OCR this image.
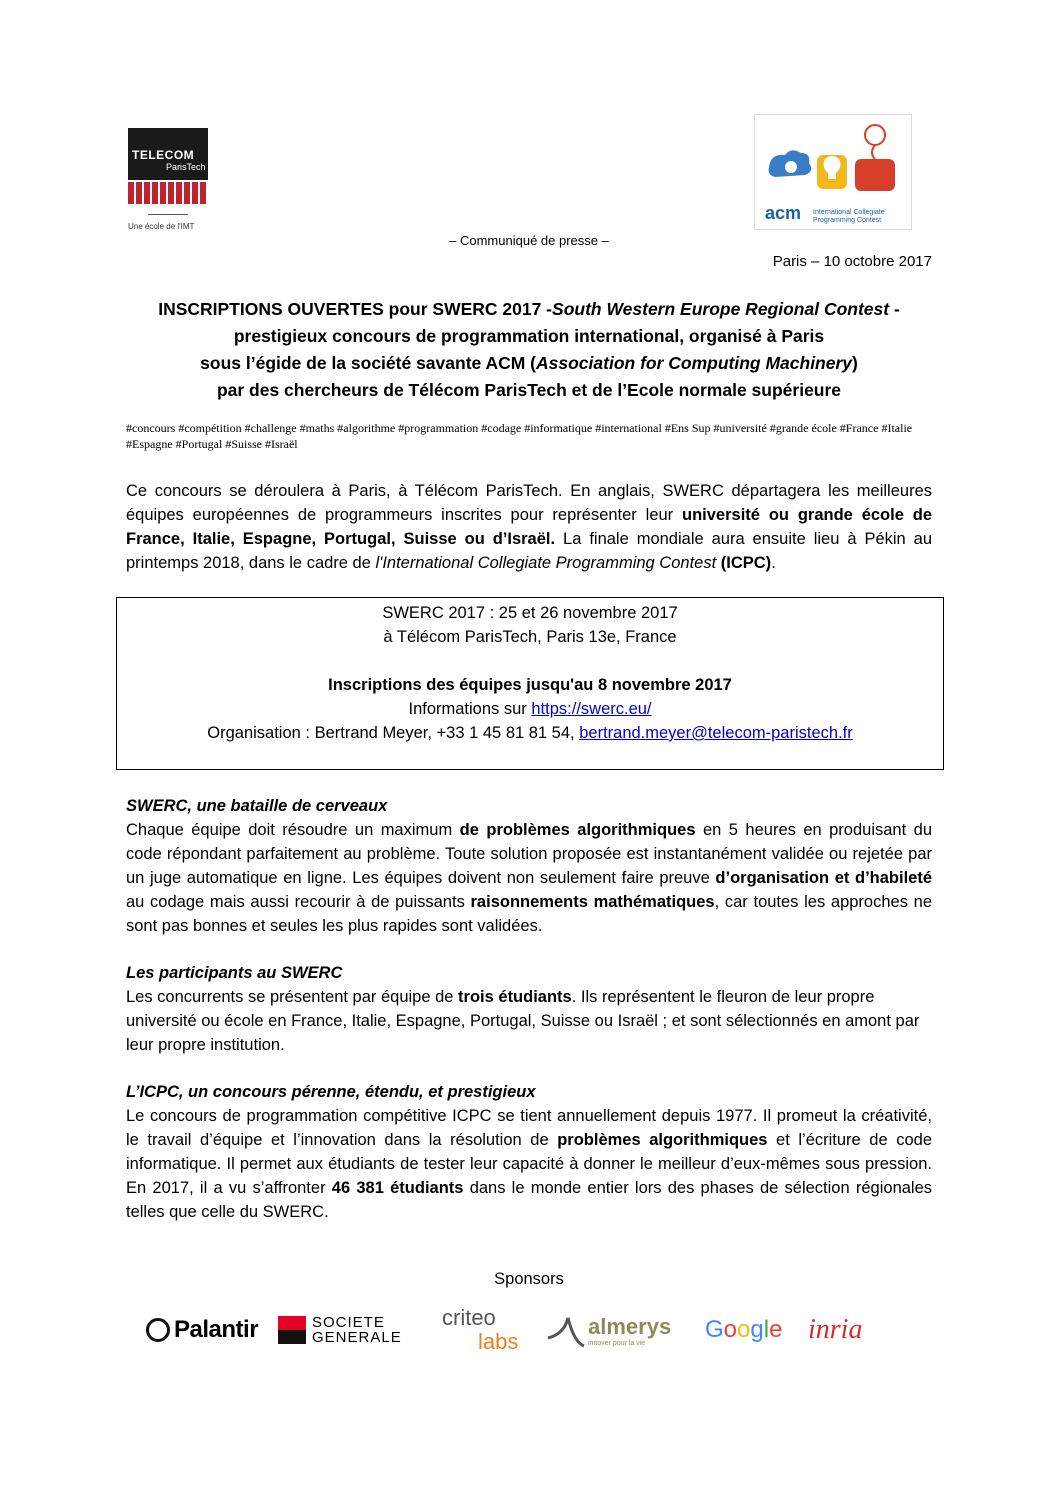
TELECOM
ParisTech
Une école de l'IMT
acm International Collegiate
Programming Contest
– Communiqué de presse –
Paris – 10 octobre 2017
INSCRIPTIONS OUVERTES pour SWERC 2017 -South Western Europe Regional Contest -
prestigieux concours de programmation international, organisé à Paris
sous l’égide de la société savante ACM (Association for Computing Machinery)
par des chercheurs de Télécom ParisTech et de l’Ecole normale supérieure
#concours #compétition #challenge #maths #algorithme #programmation #codage #informatique #international #Ens Sup #université #grande école #France #Italie #Espagne #Portugal #Suisse #Israël
Ce concours se déroulera à Paris, à Télécom ParisTech. En anglais, SWERC départagera les meilleures équipes européennes de programmeurs inscrites pour représenter leur université ou grande école de France, Italie, Espagne, Portugal, Suisse ou d’Israël. La finale mondiale aura ensuite lieu à Pékin au printemps 2018, dans le cadre de l'International Collegiate Programming Contest (ICPC).
SWERC 2017 : 25 et 26 novembre 2017
à Télécom ParisTech, Paris 13e, France
Inscriptions des équipes jusqu'au 8 novembre 2017
Informations sur https://swerc.eu/
Organisation : Bertrand Meyer, +33 1 45 81 81 54, bertrand.meyer@telecom-paristech.fr
SWERC, une bataille de cerveaux
Chaque équipe doit résoudre un maximum de problèmes algorithmiques en 5 heures en produisant du code répondant parfaitement au problème. Toute solution proposée est instantanément validée ou rejetée par un juge automatique en ligne. Les équipes doivent non seulement faire preuve d’organisation et d’habileté au codage mais aussi recourir à de puissants raisonnements mathématiques, car toutes les approches ne sont pas bonnes et seules les plus rapides sont validées.
Les participants au SWERC
Les concurrents se présentent par équipe de trois étudiants. Ils représentent le fleuron de leur propre université ou école en France, Italie, Espagne, Portugal, Suisse ou Israël ; et sont sélectionnés en amont par leur propre institution.
L’ICPC, un concours pérenne, étendu, et prestigieux
Le concours de programmation compétitive ICPC se tient annuellement depuis 1977. Il promeut la créativité, le travail d’équipe et l’innovation dans la résolution de problèmes algorithmiques et l’écriture de code informatique. Il permet aux étudiants de tester leur capacité à donner le meilleur d’eux-mêmes sous pression. En 2017, il a vu s’affronter 46 381 étudiants dans le monde entier lors des phases de sélection régionales telles que celle du SWERC.
Sponsors
Palantir	SOCIETE
GENERALE
criteo
labs
almerys
innover pour la vie	Google inria
